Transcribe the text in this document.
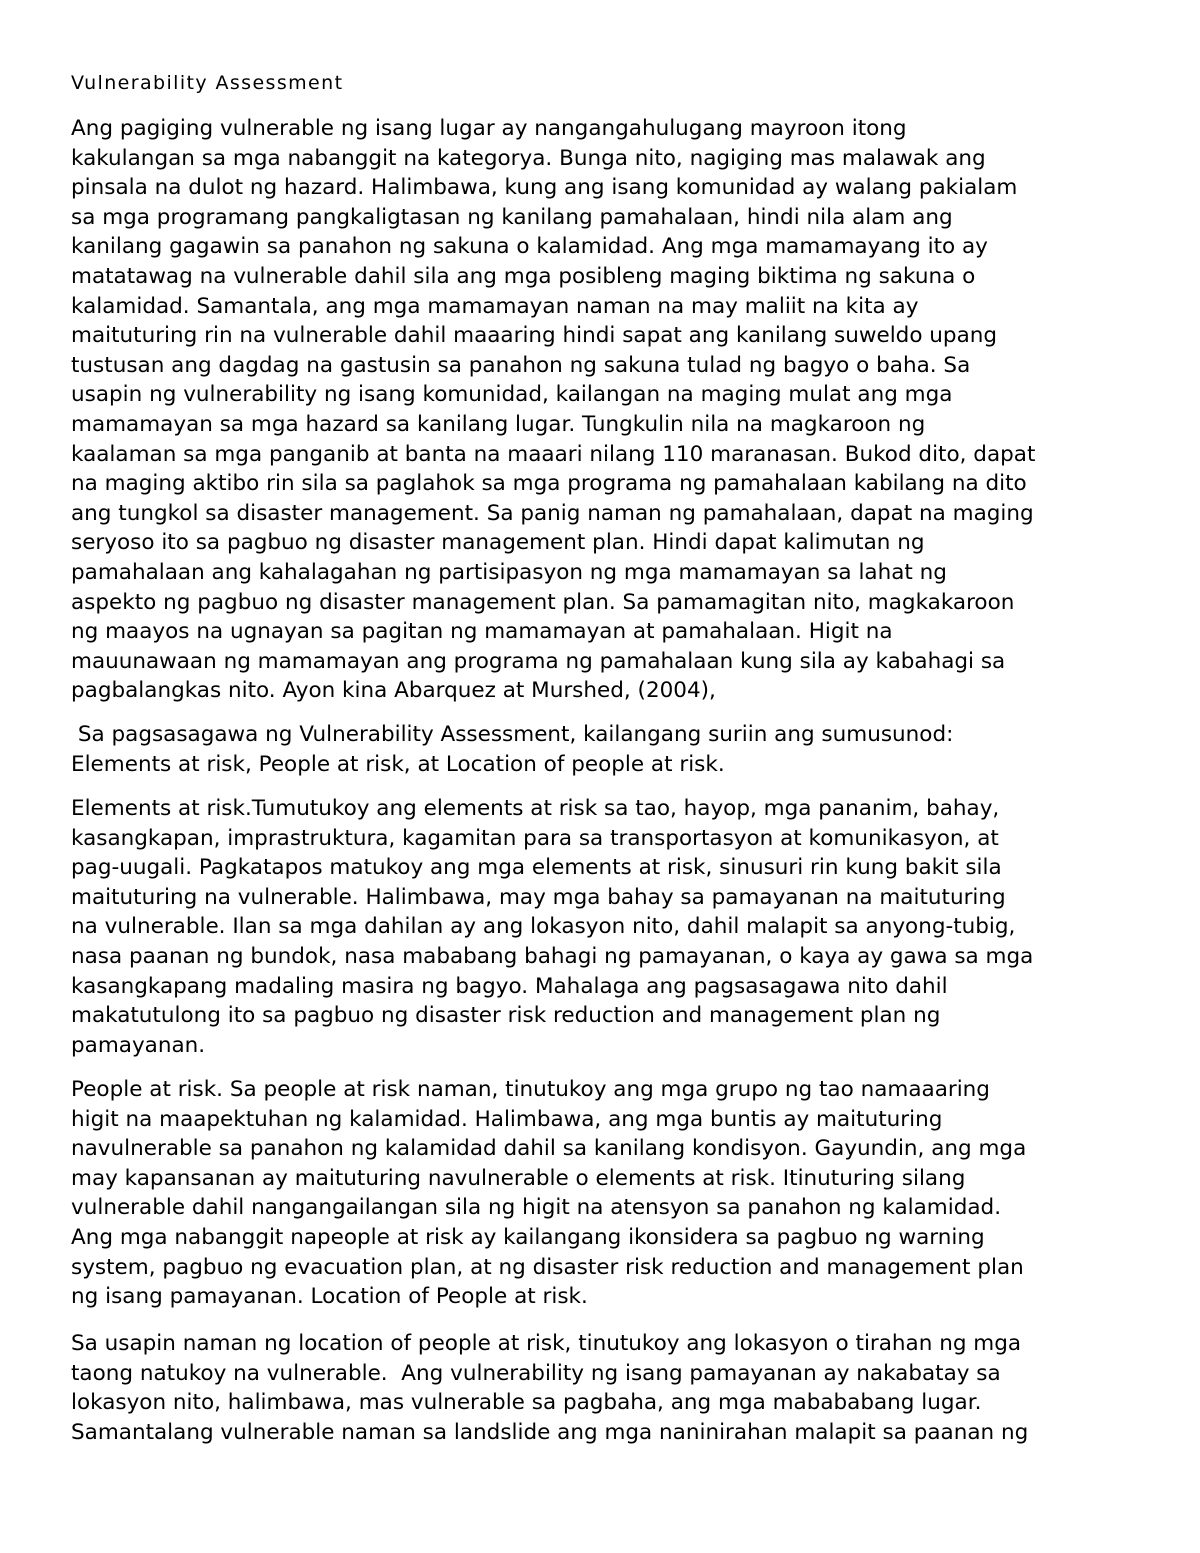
Vulnerability Assessment

Ang pagiging vulnerable ng isang lugar ay nangangahulugang mayroon itong
kakulangan sa mga nabanggit na kategorya. Bunga nito, nagiging mas malawak ang
pinsala na dulot ng hazard. Halimbawa, kung ang isang komunidad ay walang pakialam
sa mga programang pangkaligtasan ng kanilang pamahalaan, hindi nila alam ang
kanilang gagawin sa panahon ng sakuna o kalamidad. Ang mga mamamayang ito ay
matatawag na vulnerable dahil sila ang mga posibleng maging biktima ng sakuna o
kalamidad. Samantala, ang mga mamamayan naman na may maliit na kita ay
maituturing rin na vulnerable dahil maaaring hindi sapat ang kanilang suweldo upang
tustusan ang dagdag na gastusin sa panahon ng sakuna tulad ng bagyo o baha. Sa
usapin ng vulnerability ng isang komunidad, kailangan na maging mulat ang mga
mamamayan sa mga hazard sa kanilang lugar. Tungkulin nila na magkaroon ng
kaalaman sa mga panganib at banta na maaari nilang 110 maranasan. Bukod dito, dapat
na maging aktibo rin sila sa paglahok sa mga programa ng pamahalaan kabilang na dito
ang tungkol sa disaster management. Sa panig naman ng pamahalaan, dapat na maging
seryoso ito sa pagbuo ng disaster management plan. Hindi dapat kalimutan ng
pamahalaan ang kahalagahan ng partisipasyon ng mga mamamayan sa lahat ng
aspekto ng pagbuo ng disaster management plan. Sa pamamagitan nito, magkakaroon
ng maayos na ugnayan sa pagitan ng mamamayan at pamahalaan. Higit na
mauunawaan ng mamamayan ang programa ng pamahalaan kung sila ay kabahagi sa
pagbalangkas nito. Ayon kina Abarquez at Murshed, (2004),

Sa pagsasagawa ng Vulnerability Assessment, kailangang suriin ang sumusunod:
Elements at risk, People at risk, at Location of people at risk.

Elements at risk.Tumutukoy ang elements at risk sa tao, hayop, mga pananim, bahay,
kasangkapan, imprastruktura, kagamitan para sa transportasyon at komunikasyon, at
pag-uugali. Pagkatapos matukoy ang mga elements at risk, sinusuri rin kung bakit sila
maituturing na vulnerable. Halimbawa, may mga bahay sa pamayanan na maituturing
na vulnerable. Ilan sa mga dahilan ay ang lokasyon nito, dahil malapit sa anyong-tubig,
nasa paanan ng bundok, nasa mababang bahagi ng pamayanan, o kaya ay gawa sa mga
kasangkapang madaling masira ng bagyo. Mahalaga ang pagsasagawa nito dahil
makatutulong ito sa pagbuo ng disaster risk reduction and management plan ng
pamayanan.

People at risk. Sa people at risk naman, tinutukoy ang mga grupo ng tao namaaaring
higit na maapektuhan ng kalamidad. Halimbawa, ang mga buntis ay maituturing
navulnerable sa panahon ng kalamidad dahil sa kanilang kondisyon. Gayundin, ang mga
may kapansanan ay maituturing navulnerable o elements at risk. Itinuturing silang
vulnerable dahil nangangailangan sila ng higit na atensyon sa panahon ng kalamidad.
Ang mga nabanggit napeople at risk ay kailangang ikonsidera sa pagbuo ng warning
system, pagbuo ng evacuation plan, at ng disaster risk reduction and management plan
ng isang pamayanan. Location of People at risk.

Sa usapin naman ng location of people at risk, tinutukoy ang lokasyon o tirahan ng mga
taong natukoy na vulnerable.  Ang vulnerability ng isang pamayanan ay nakabatay sa
lokasyon nito, halimbawa, mas vulnerable sa pagbaha, ang mga mabababang lugar.
Samantalang vulnerable naman sa landslide ang mga naninirahan malapit sa paanan ng
